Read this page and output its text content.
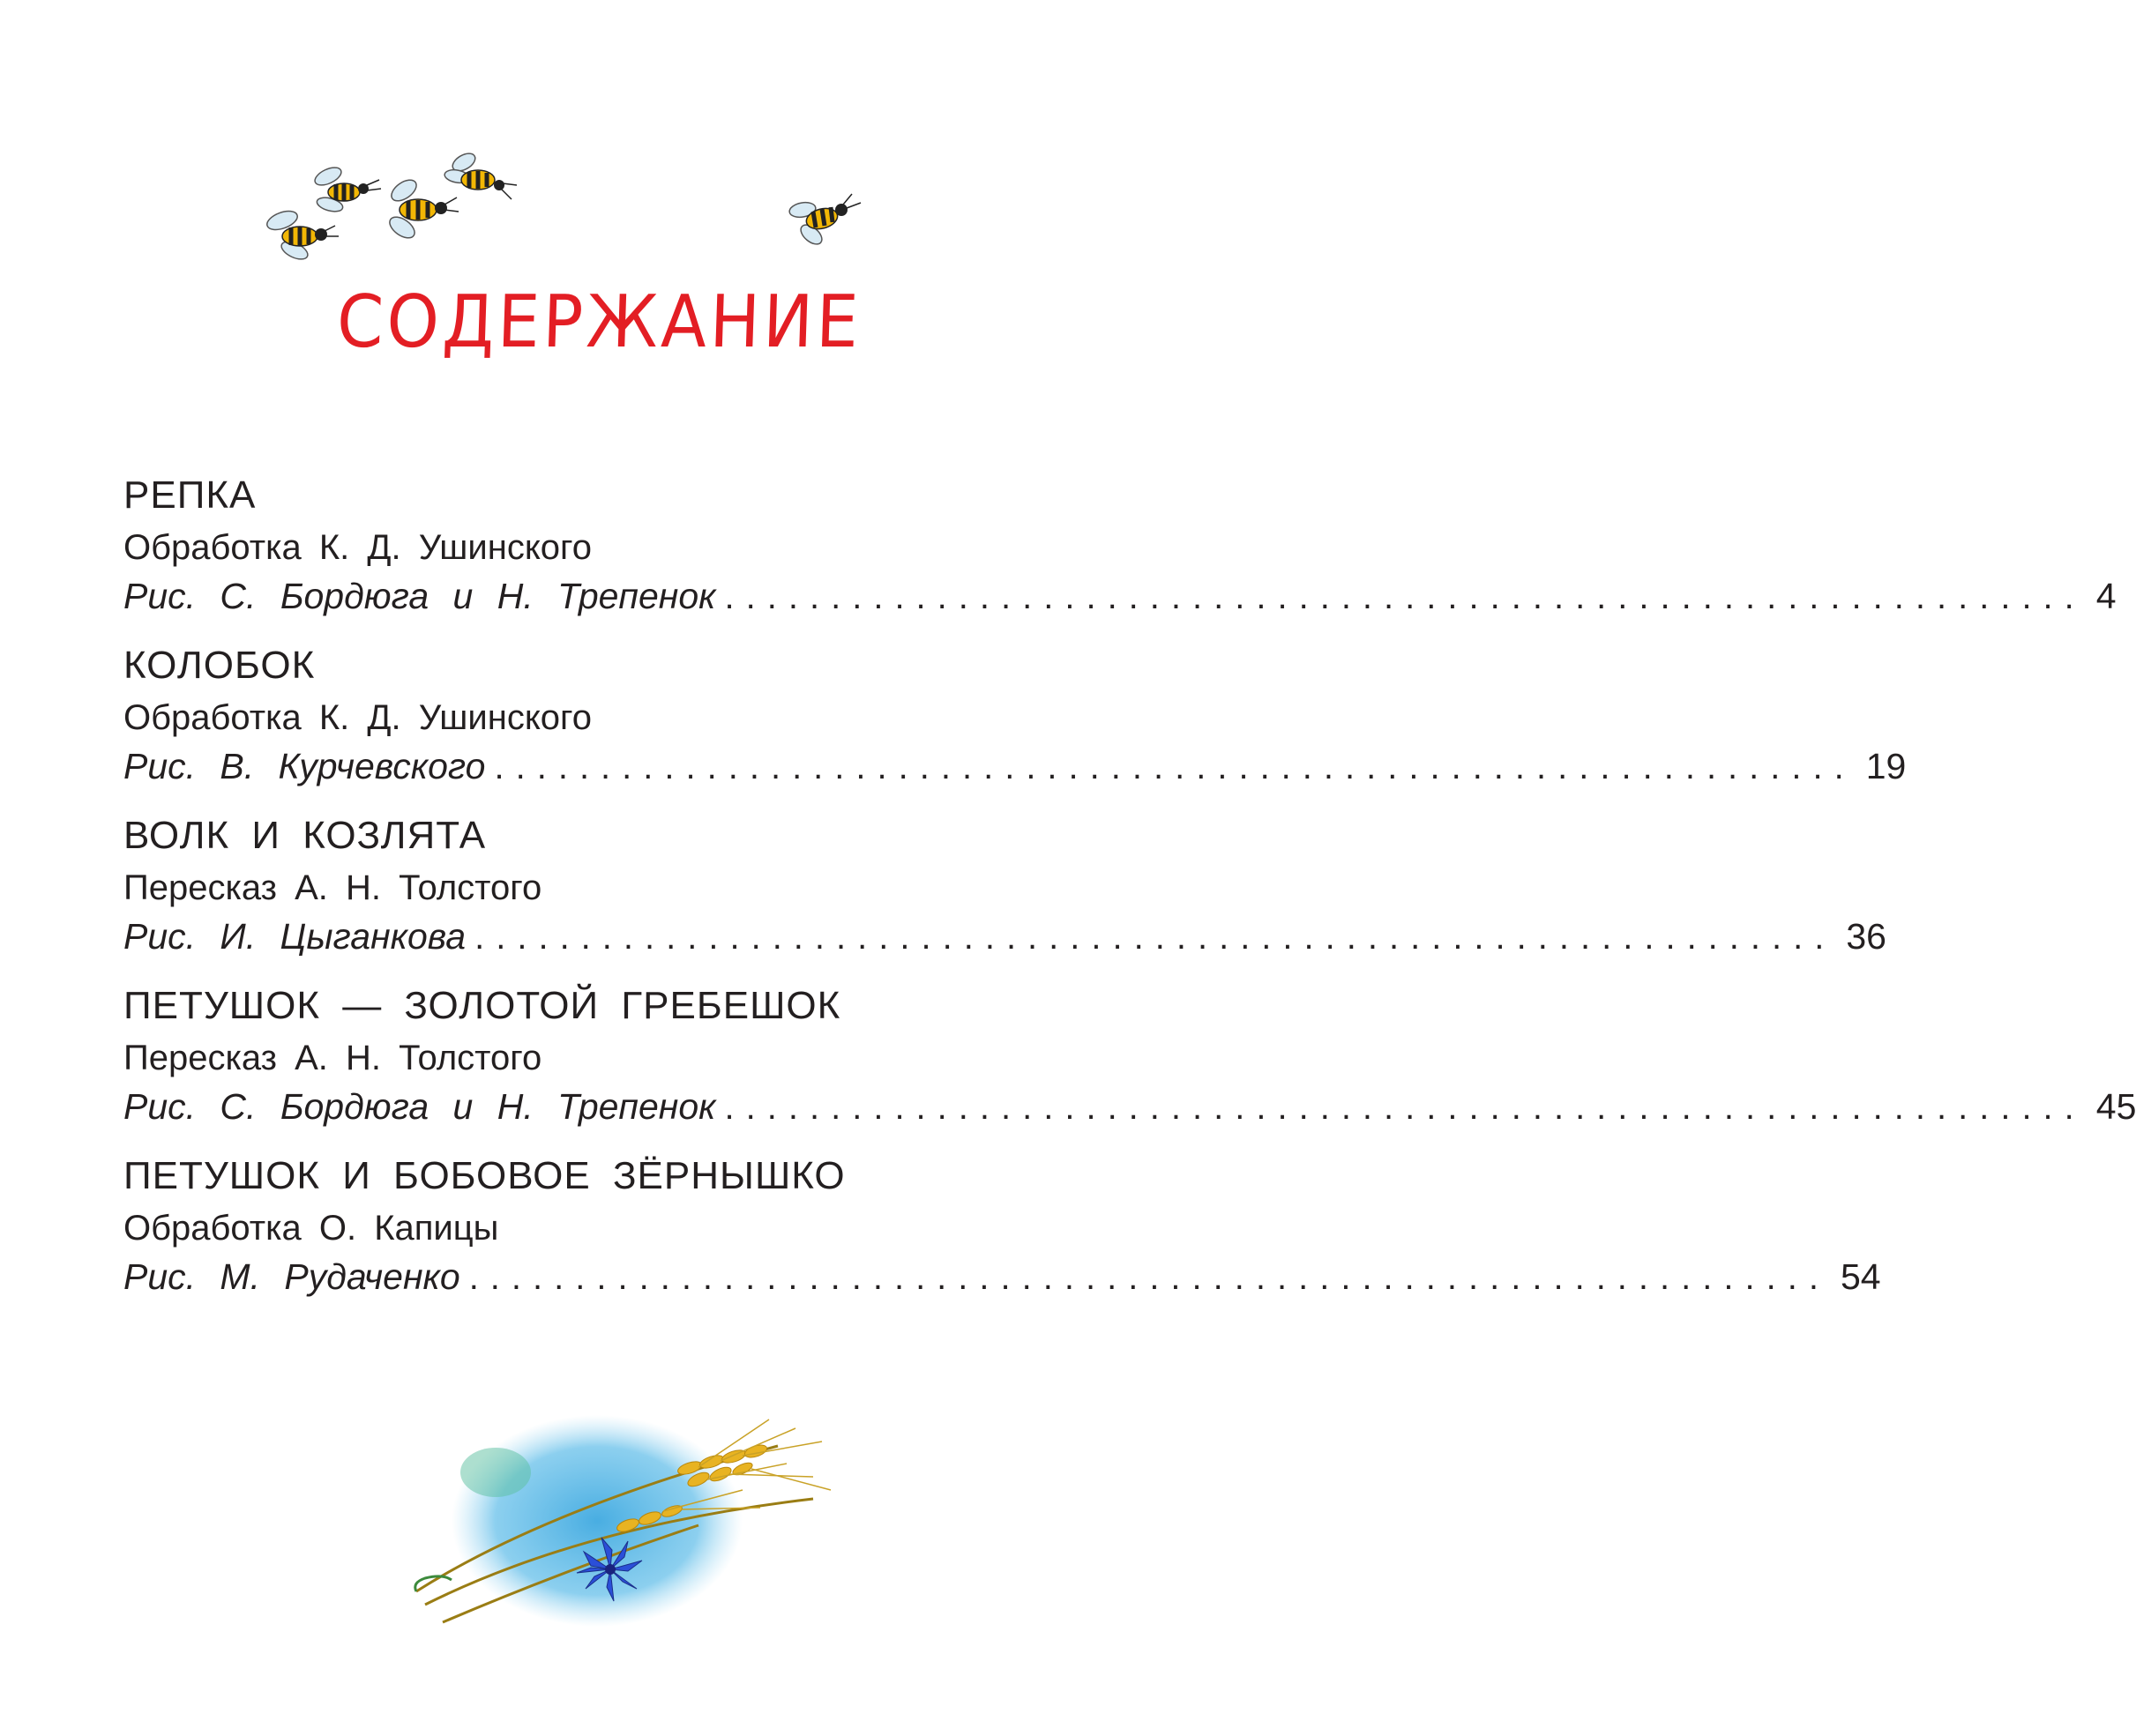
СОДЕРЖАНИЕ
РЕПКА
Обработка К. Д. Ушинского
Рис. С. Бордюга и Н. Трепенок ................................................................ 4
КОЛОБОК
Обработка К. Д. Ушинского
Рис. В. Курчевского ................................................................ 19
ВОЛК И КОЗЛЯТА
Пересказ А. Н. Толстого
Рис. И. Цыганкова ................................................................ 36
ПЕТУШОК — ЗОЛОТОЙ ГРЕБЕШОК
Пересказ А. Н. Толстого
Рис. С. Бордюга и Н. Трепенок ................................................................ 45
ПЕТУШОК И БОБОВОЕ ЗЁРНЫШКО
Обработка О. Капицы
Рис. М. Рудаченко ................................................................ 54
